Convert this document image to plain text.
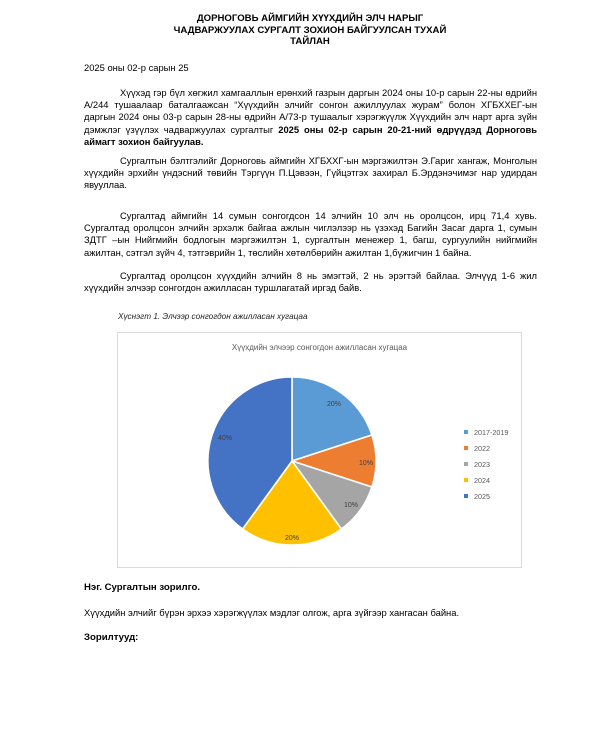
ДОРНОГОВЬ АЙМГИЙН ХҮҮХДИЙН ЭЛЧ НАРЫГ
ЧАДВАРЖУУЛАХ СУРГАЛТ ЗОХИОН БАЙГУУЛСАН ТУХАЙ
ТАЙЛАН
2025 оны 02-р сарын 25
Хүүхэд гэр бүл хөгжил хамгааллын ерөнхий газрын даргын 2024 оны 10-р сарын 22-ны өдрийн А/244 тушаалаар баталгаажсан “Хүүхдийн элчийг сонгон ажиллуулах журам” болон ХГБХХЕГ-ын даргын 2024 оны 03-р сарын 28-ны өдрийн А/73-р тушаалыг хэрэгжүүлж Хүүхдийн элч нарт арга зүйн дэмжлэг үзүүлэх чадваржуулах сургалтыг 2025 оны 02-р сарын 20-21-ний өдрүүдэд Дорноговь аймагт зохион байгуулав.
Сургалтын бэлтгэлийг Дорноговь аймгийн ХГБХХГ-ын мэргэжилтэн Э.Гариг хангаж, Монголын хүүхдийн эрхийн үндэсний төвийн Тэргүүн П.Цэвээн, Гүйцэтгэх захирал Б.Эрдэнэчимэг нар удирдан явууллаа.
Сургалтад аймгийн 14 сумын сонгогдсон 14 элчийн 10 элч нь оролцсон, ирц 71,4 хувь. Сургалтад оролцсон элчийн эрхэлж байгаа ажлын чиглэлээр нь үзэхэд Багийн Засаг дарга 1, сумын ЗДТГ –ын Нийгмийн бодлогын мэргэжилтэн 1, сургалтын менежер 1, багш, сургуулийн нийгмийн ажилтан, сэтгэл зүйч 4, тэтгэврийн 1, төслийн хөтөлбөрийн ажилтан 1,бүжигчин 1 байна.
Сургалтад оролцсон хүүхдийн элчийн 8 нь эмэгтэй, 2 нь эрэгтэй байлаа. Элчүүд 1-6 жил хүүхдийн элчээр сонгогдон ажилласан туршлагатай иргэд байв.
Хүснэгт 1. Элчээр сонгогдон ажилласан хугацаа
Хүүхдийн элчээр сонгогдон ажилласан хугацаа
20%
10%
10%
20%
40%
2017-2019
2022
2023
2024
2025
Нэг. Сургалтын зорилго.
Хүүхдийн элчийг бүрэн эрхээ хэрэгжүүлэх мэдлэг олгож, арга зүйгээр хангасан байна.
Зорилтууд:
